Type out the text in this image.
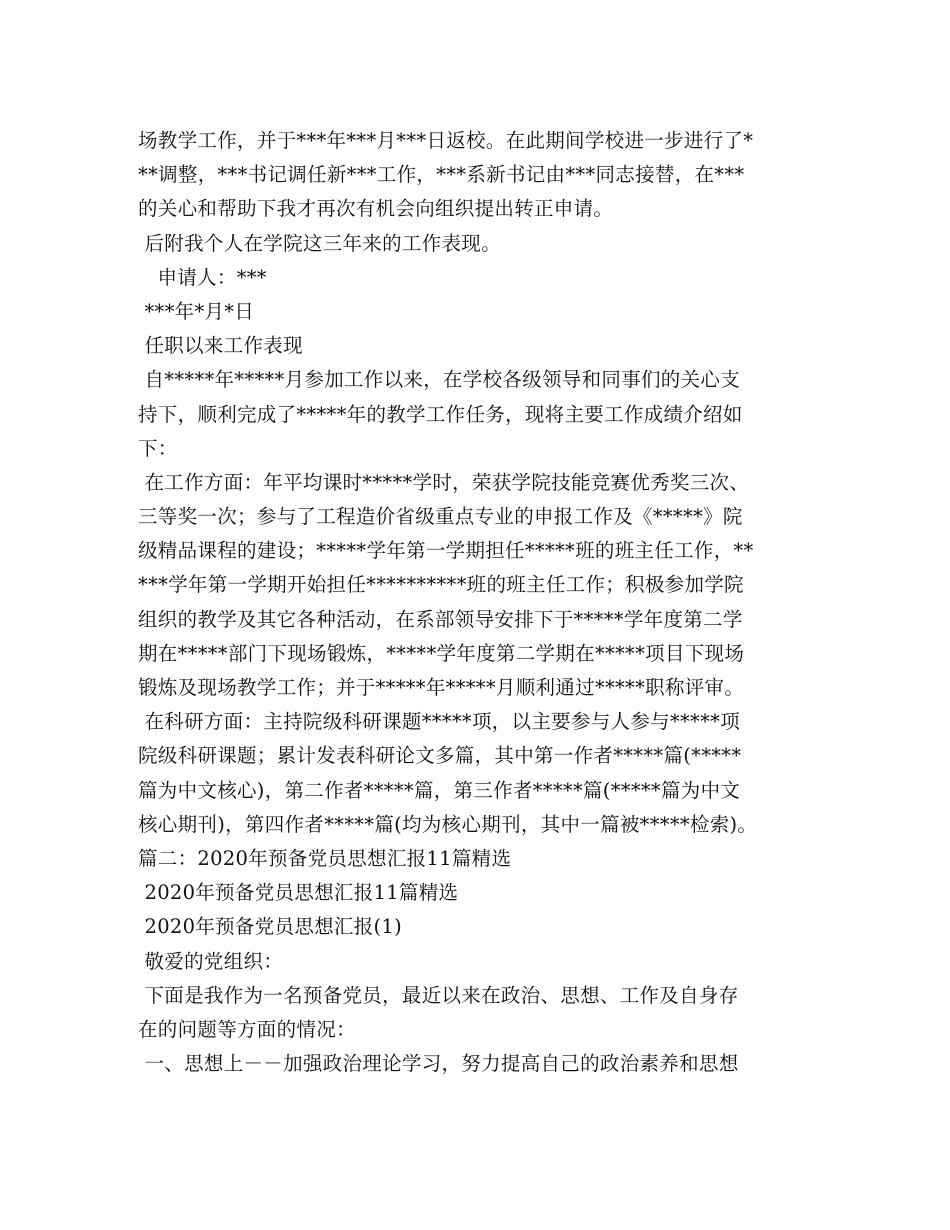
场教学工作，并于***年***月***日返校。在此期间学校进一步进行了*
**调整，***书记调任新***工作，***系新书记由***同志接替，在***
的关心和帮助下我才再次有机会向组织提出转正申请。
后附我个人在学院这三年来的工作表现。
申请人：***
***年*月*日
任职以来工作表现
自*****年*****月参加工作以来，在学校各级领导和同事们的关心支
持下，顺利完成了*****年的教学工作任务，现将主要工作成绩介绍如
下：
在工作方面：年平均课时*****学时，荣获学院技能竞赛优秀奖三次、
三等奖一次；参与了工程造价省级重点专业的申报工作及《*****》院
级精品课程的建设；*****学年第一学期担任*****班的班主任工作，**
***学年第一学期开始担任**********班的班主任工作；积极参加学院
组织的教学及其它各种活动，在系部领导安排下于*****学年度第二学
期在*****部门下现场锻炼，*****学年度第二学期在*****项目下现场
锻炼及现场教学工作；并于*****年*****月顺利通过*****职称评审。
在科研方面：主持院级科研课题*****项，以主要参与人参与*****项
院级科研课题；累计发表科研论文多篇，其中第一作者*****篇(*****
篇为中文核心)，第二作者*****篇，第三作者*****篇(*****篇为中文
核心期刊)，第四作者*****篇(均为核心期刊，其中一篇被*****检索)。
篇二：2020年预备党员思想汇报11篇精选
2020年预备党员思想汇报11篇精选
2020年预备党员思想汇报(1)
敬爱的党组织：
下面是我作为一名预备党员，最近以来在政治、思想、工作及自身存
在的问题等方面的情况：
一、思想上－－加强政治理论学习，努力提高自己的政治素养和思想
